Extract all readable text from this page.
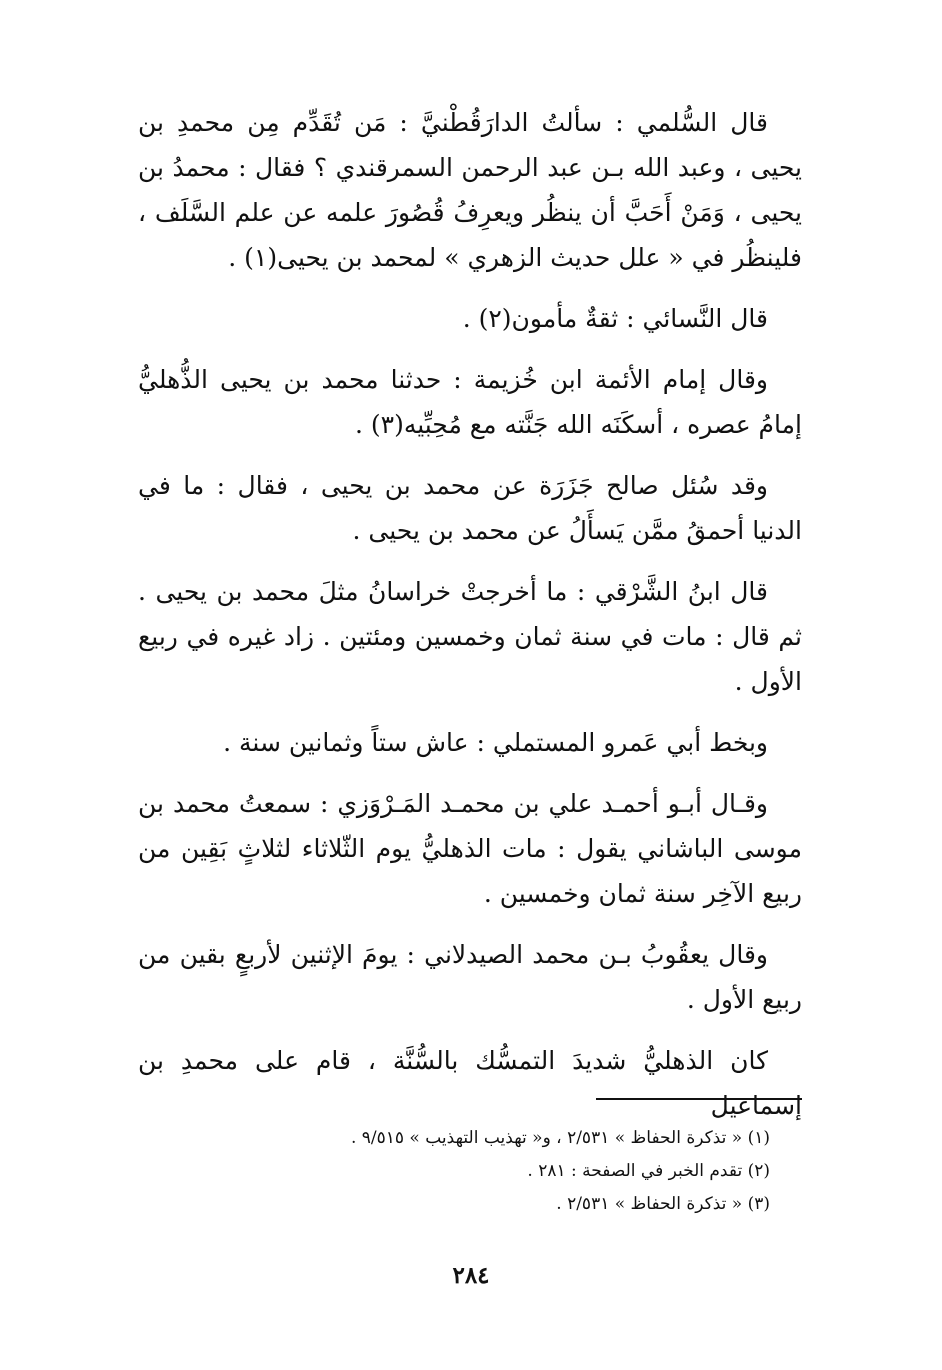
قال السُّلمي : سألتُ الدارَقُطْنيَّ : مَن تُقَدِّم مِن محمدِ بن يحيى ، وعبد الله بـن عبد الرحمن السمرقندي ؟ فقال : محمدُ بن يحيى ، وَمَنْ أَحَبَّ أن ينظُر ويعرِفُ قُصُورَ علمه عن علم السَّلَف ، فلينظُر في « علل حديث الزهري » لمحمد بن يحيى(١) .

قال النَّسائي : ثقةٌ مأمون(٢) .

وقال إمام الأئمة ابن خُزيمة : حدثنا محمد بن يحيى الذُّهليُّ إمامُ عصره ، أسكَنَه الله جَنَّته مع مُحِبِّيه(٣) .

وقد سُئل صالح جَزَرَة عن محمد بن يحيى ، فقال : ما في الدنيا أحمقُ ممَّن يَسأَلُ عن محمد بن يحيى .

قال ابنُ الشَّرْقي : ما أخرجتْ خراسانُ مثلَ محمد بن يحيى . ثم قال : مات في سنة ثمان وخمسين ومئتين . زاد غيره في ربيع الأول .

وبخط أبي عَمرو المستملي : عاش ستاً وثمانين سنة .

وقـال أبـو أحمـد علي بن محمـد المَـرْوَزي : سمعتُ محمد بن موسى الباشاني يقول : مات الذهليُّ يوم الثّلاثاء لثلاثٍ بَقِين من ربيع الآخِر سنة ثمان وخمسين .

وقال يعقُوبُ بـن محمد الصيدلاني : يومَ الإثنين لأربعٍ بقين من ربيع الأول .

كان الذهليُّ شديدَ التمسُّك بالسُّنَّة ، قام على محمدِ بن إسماعيل

(١) « تذكرة الحفاظ » ٢/٥٣١ ، و« تهذيب التهذيب » ٩/٥١٥ .
(٢) تقدم الخبر في الصفحة : ٢٨١ .
(٣) « تذكرة الحفاظ » ٢/٥٣١ .
٢٨٤
